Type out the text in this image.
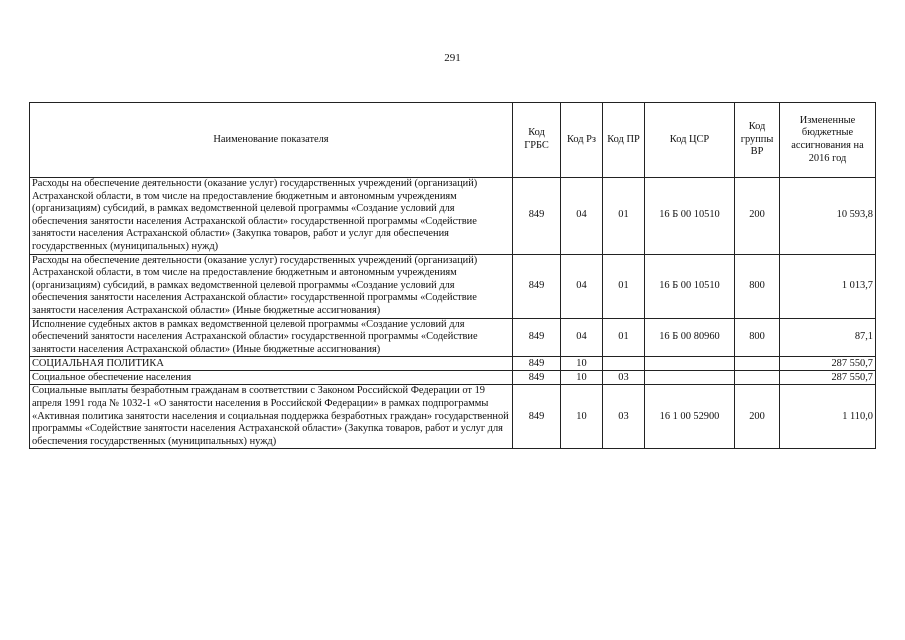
291
Наименование показателя	Код ГРБС	Код Рз	Код ПР	Код ЦСР	Код группы ВР	Измененные бюджетные ассигнования на 2016 год
Расходы на обеспечение деятельности (оказание услуг) государственных учреждений (организаций) Астраханской области, в том числе на предоставление бюджетным и автономным учреждениям (организациям) субсидий, в рамках ведомственной целевой программы «Создание условий для обеспечения занятости населения Астраханской области» государственной программы «Содействие занятости населения Астраханской области» (Закупка товаров, работ и услуг для обеспечения государственных (муниципальных) нужд)	849	04	01	16 Б 00 10510	200	10 593,8
Расходы на обеспечение деятельности (оказание услуг) государственных учреждений (организаций) Астраханской области, в том числе на предоставление бюджетным и автономным учреждениям (организациям) субсидий, в рамках ведомственной целевой программы «Создание условий для обеспечения занятости населения Астраханской области» государственной программы «Содействие занятости населения Астраханской области» (Иные бюджетные ассигнования)	849	04	01	16 Б 00 10510	800	1 013,7
Исполнение судебных актов в рамках ведомственной целевой программы «Создание условий для обеспечений занятости населения Астраханской области» государственной программы «Содействие занятости населения Астраханской области» (Иные бюджетные ассигнования)	849	04	01	16 Б 00 80960	800	87,1
СОЦИАЛЬНАЯ ПОЛИТИКА	849	10				287 550,7
Социальное обеспечение населения	849	10	03			287 550,7
Социальные выплаты безработным гражданам в соответствии с Законом Российской Федерации от 19 апреля 1991 года № 1032-1 «О занятости населения в Российской Федерации» в рамках подпрограммы «Активная политика занятости населения и социальная поддержка безработных граждан» государственной программы «Содействие занятости населения Астраханской области» (Закупка товаров, работ и услуг для обеспечения государственных (муниципальных) нужд)	849	10	03	16 1 00 52900	200	1 110,0
